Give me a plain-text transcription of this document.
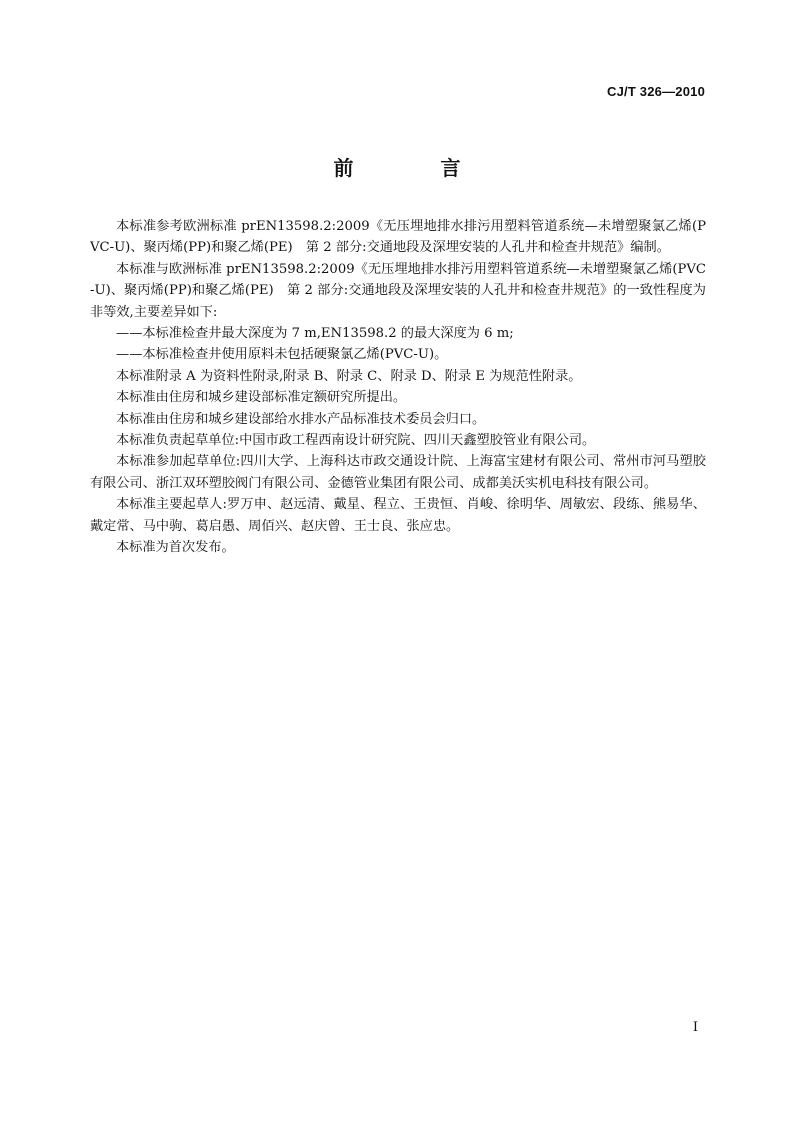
CJ/T 326—2010
前 言

本标准参考欧洲标准 prEN13598.2:2009《无压埋地排水排污用塑料管道系统—未增塑聚氯乙烯(PVC-U)、聚丙烯(PP)和聚乙烯(PE)　第 2 部分:交通地段及深埋安装的人孔井和检查井规范》编制。

本标准与欧洲标准 prEN13598.2:2009《无压埋地排水排污用塑料管道系统—未增塑聚氯乙烯(PVC-U)、聚丙烯(PP)和聚乙烯(PE)　第 2 部分:交通地段及深埋安装的人孔井和检查井规范》的一致性程度为非等效,主要差异如下:

——本标准检查井最大深度为 7 m,EN13598.2 的最大深度为 6 m;

——本标准检查井使用原料未包括硬聚氯乙烯(PVC-U)。

本标准附录 A 为资料性附录,附录 B、附录 C、附录 D、附录 E 为规范性附录。

本标准由住房和城乡建设部标准定额研究所提出。

本标准由住房和城乡建设部给水排水产品标准技术委员会归口。

本标准负责起草单位:中国市政工程西南设计研究院、四川天鑫塑胶管业有限公司。

本标准参加起草单位:四川大学、上海科达市政交通设计院、上海富宝建材有限公司、常州市河马塑胶有限公司、浙江双环塑胶阀门有限公司、金德管业集团有限公司、成都美沃实机电科技有限公司。

本标准主要起草人:罗万申、赵远清、戴星、程立、王贵恒、肖峻、徐明华、周敏宏、段练、熊易华、戴定常、马中驹、葛启愚、周佰兴、赵庆曾、王士良、张应忠。

本标准为首次发布。

I
